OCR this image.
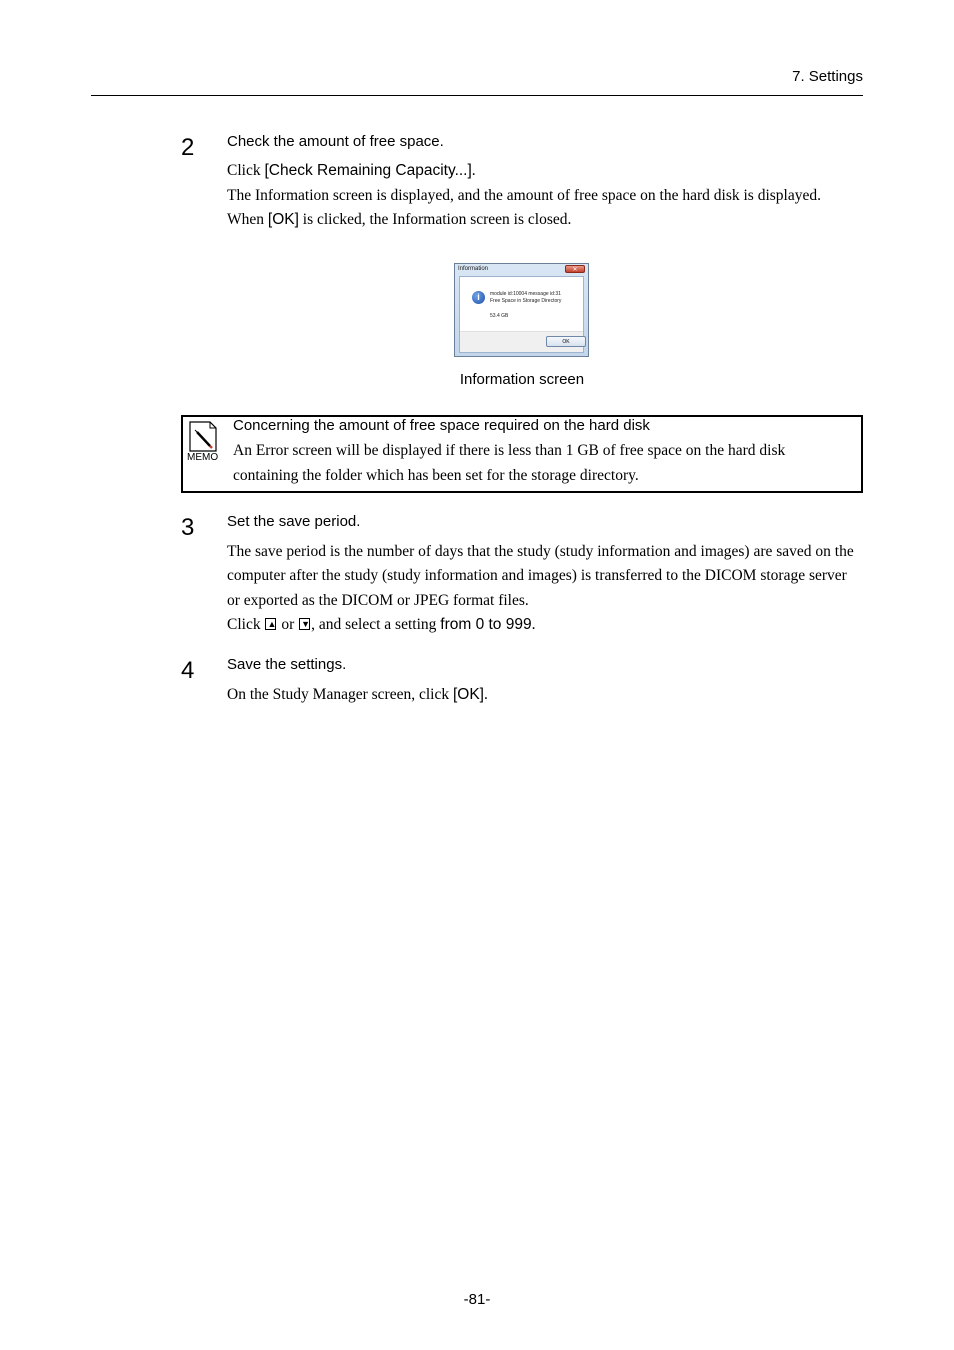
7. Settings
2 Check the amount of free space.
Click [Check Remaining Capacity...].
The Information screen is displayed, and the amount of free space on the hard disk is displayed.
When [OK] is clicked, the Information screen is closed.
Information	✕
i	module id:10004 message id:31
Free Space in Storage Directory
53.4 GB
OK
Information screen
MEMO
Concerning the amount of free space required on the hard disk
An Error screen will be displayed if there is less than 1 GB of free space on the hard disk
containing the folder which has been set for the storage directory.
3 Set the save period.
The save period is the number of days that the study (study information and images) are saved on the
computer after the study (study information and images) is transferred to the DICOM storage server
or exported as the DICOM or JPEG format files.
Click ▲ or ▼ , and select a setting from 0 to 999.
4 Save the settings.
On the Study Manager screen, click [OK].
-81-
